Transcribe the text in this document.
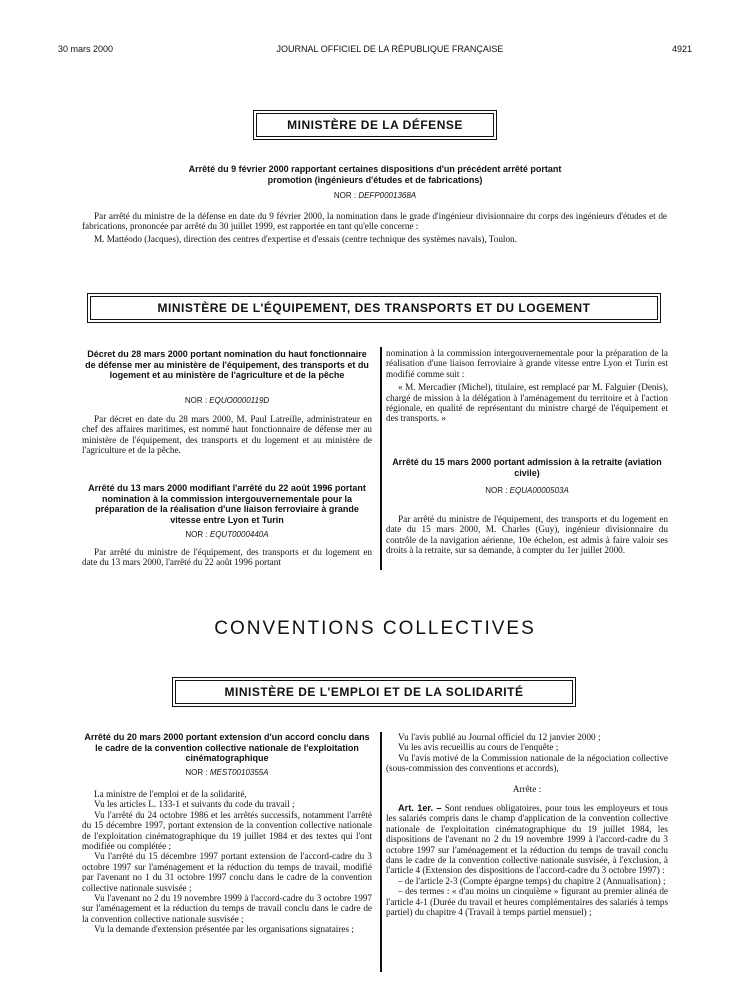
30 mars 2000	JOURNAL OFFICIEL DE LA RÉPUBLIQUE FRANÇAISE	4921
MINISTÈRE DE LA DÉFENSE
Arrêté du 9 février 2000 rapportant certaines dispositions d'un précédent arrêté portant promotion (ingénieurs d'études et de fabrications)
NOR : DEFP0001368A

Par arrêté du ministre de la défense en date du 9 février 2000, la nomination dans le grade d'ingénieur divisionnaire du corps des ingénieurs d'études et de fabrications, prononcée par arrêté du 30 juillet 1999, est rapportée en tant qu'elle concerne :

M. Mattéodo (Jacques), direction des centres d'expertise et d'essais (centre technique des systèmes navals), Toulon.

MINISTÈRE DE L'ÉQUIPEMENT, DES TRANSPORTS ET DU LOGEMENT
Décret du 28 mars 2000 portant nomination du haut fonctionnaire de défense mer au ministère de l'équipement, des transports et du logement et au ministère de l'agriculture et de la pêche
NOR : EQUO0000119D

Par décret en date du 28 mars 2000, M. Paul Latreille, administrateur en chef des affaires maritimes, est nommé haut fonctionnaire de défense mer au ministère de l'équipement, des transports et du logement et au ministère de l'agriculture et de la pêche.

Arrêté du 13 mars 2000 modifiant l'arrêté du 22 août 1996 portant nomination à la commission intergouvernementale pour la préparation de la réalisation d'une liaison ferroviaire à grande vitesse entre Lyon et Turin
NOR : EQUT0000440A

Par arrêté du ministre de l'équipement, des transports et du logement en date du 13 mars 2000, l'arrêté du 22 août 1996 portant

nomination à la commission intergouvernementale pour la préparation de la réalisation d'une liaison ferroviaire à grande vitesse entre Lyon et Turin est modifié comme suit :

« M. Mercadier (Michel), titulaire, est remplacé par M. Falguier (Denis), chargé de mission à la délégation à l'aménagement du territoire et à l'action régionale, en qualité de représentant du ministre chargé de l'équipement et des transports. »

Arrêté du 15 mars 2000 portant admission à la retraite (aviation civile)
NOR : EQUA0000503A

Par arrêté du ministre de l'équipement, des transports et du logement en date du 15 mars 2000, M. Charles (Guy), ingénieur divisionnaire du contrôle de la navigation aérienne, 10e échelon, est admis à faire valoir ses droits à la retraite, sur sa demande, à compter du 1er juillet 2000.

CONVENTIONS COLLECTIVES
MINISTÈRE DE L'EMPLOI ET DE LA SOLIDARITÉ
Arrêté du 20 mars 2000 portant extension d'un accord conclu dans le cadre de la convention collective nationale de l'exploitation cinématographique
NOR : MEST0010355A

La ministre de l'emploi et de la solidarité,

Vu les articles L. 133-1 et suivants du code du travail ;

Vu l'arrêté du 24 octobre 1986 et les arrêtés successifs, notamment l'arrêté du 15 décembre 1997, portant extension de la convention collective nationale de l'exploitation cinématographique du 19 juillet 1984 et des textes qui l'ont modifiée ou complétée ;

Vu l'arrêté du 15 décembre 1997 portant extension de l'accord-cadre du 3 octobre 1997 sur l'aménagement et la réduction du temps de travail, modifié par l'avenant no 1 du 31 octobre 1997 conclu dans le cadre de la convention collective nationale susvisée ;

Vu l'avenant no 2 du 19 novembre 1999 à l'accord-cadre du 3 octobre 1997 sur l'aménagement et la réduction du temps de travail conclu dans le cadre de la convention collective nationale susvisée ;

Vu la demande d'extension présentée par les organisations signataires ;

Vu l'avis publié au Journal officiel du 12 janvier 2000 ;

Vu les avis recueillis au cours de l'enquête ;

Vu l'avis motivé de la Commission nationale de la négociation collective (sous-commission des conventions et accords),

Arrête :

Art. 1er. – Sont rendues obligatoires, pour tous les employeurs et tous les salariés compris dans le champ d'application de la convention collective nationale de l'exploitation cinématographique du 19 juillet 1984, les dispositions de l'avenant no 2 du 19 novembre 1999 à l'accord-cadre du 3 octobre 1997 sur l'aménagement et la réduction du temps de travail conclu dans le cadre de la convention collective nationale susvisée, à l'exclusion, à l'article 4 (Extension des dispositions de l'accord-cadre du 3 octobre 1997) :

– de l'article 2-3 (Compte épargne temps) du chapitre 2 (Annualisation) ;

– des termes : « d'au moins un cinquième » figurant au premier alinéa de l'article 4-1 (Durée du travail et heures complémentaires des salariés à temps partiel) du chapitre 4 (Travail à temps partiel mensuel) ;
